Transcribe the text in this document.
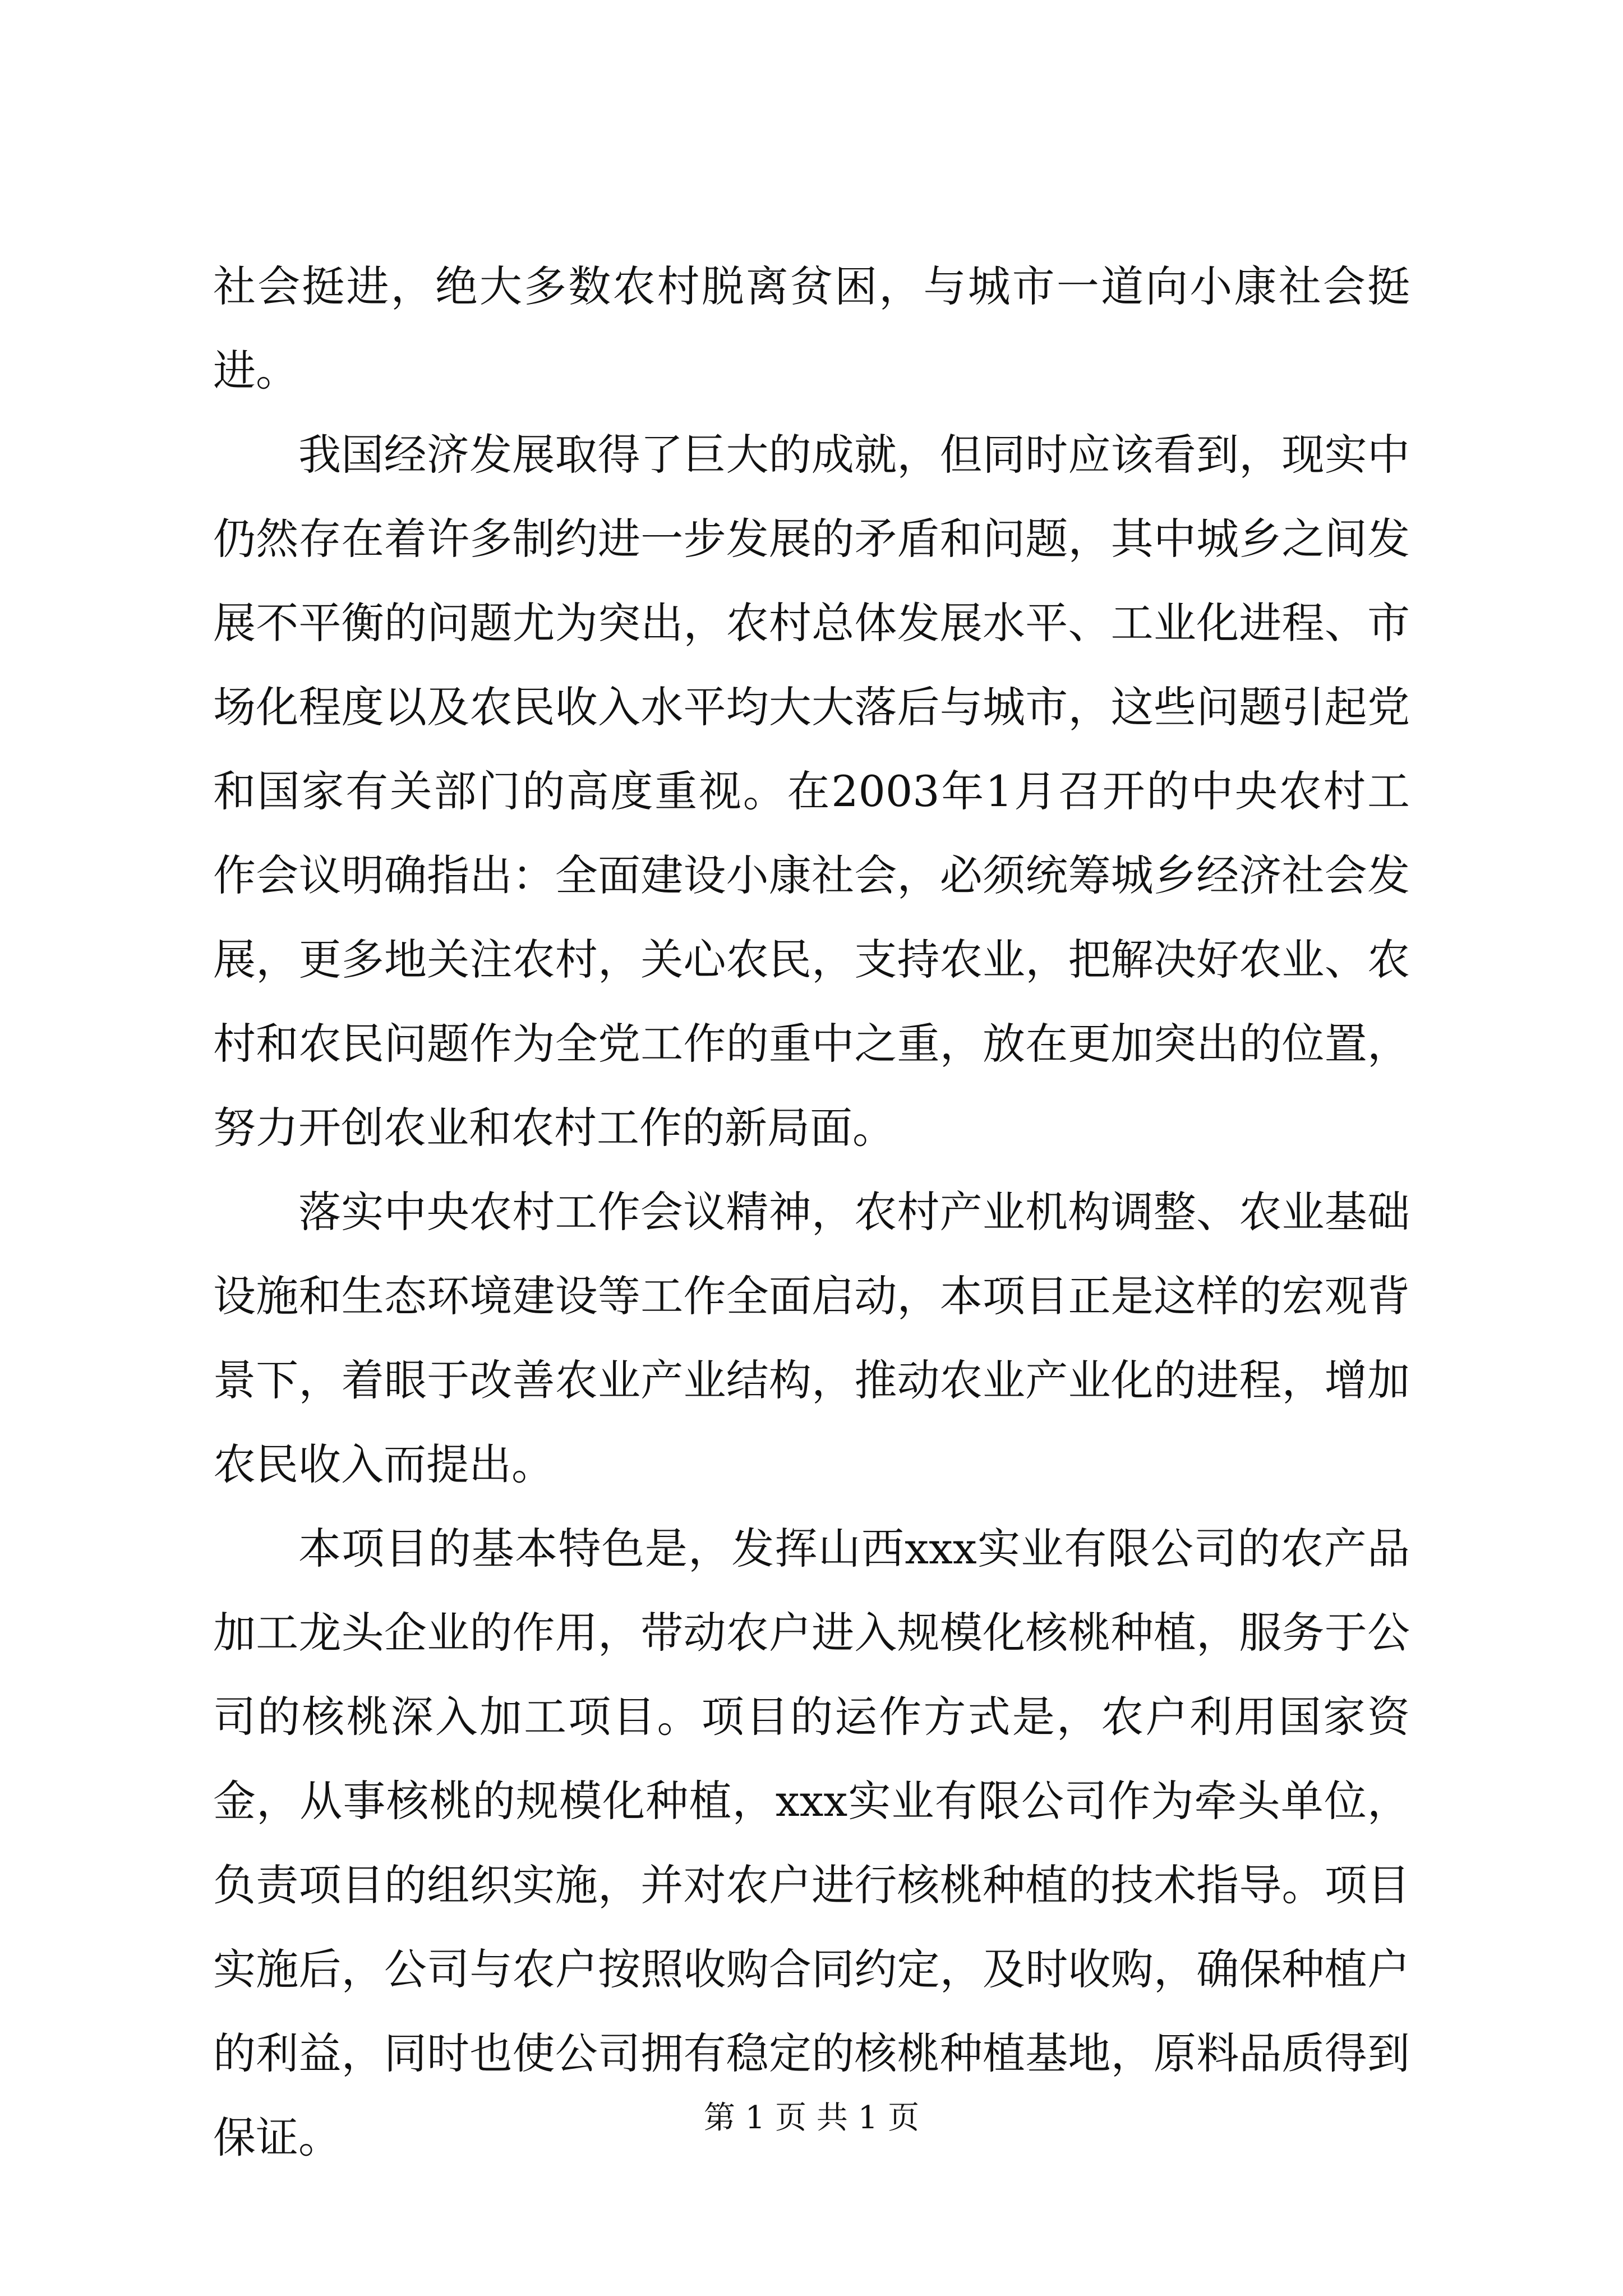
社会挺进，绝大多数农村脱离贫困，与城市一道向小康社会挺进。

我国经济发展取得了巨大的成就，但同时应该看到，现实中仍然存在着许多制约进一步发展的矛盾和问题，其中城乡之间发展不平衡的问题尤为突出，农村总体发展水平、工业化进程、市场化程度以及农民收入水平均大大落后与城市，这些问题引起党和国家有关部门的高度重视。在2003年1月召开的中央农村工作会议明确指出：全面建设小康社会，必须统筹城乡经济社会发展，更多地关注农村，关心农民，支持农业，把解决好农业、农村和农民问题作为全党工作的重中之重，放在更加突出的位置，努力开创农业和农村工作的新局面。

落实中央农村工作会议精神，农村产业机构调整、农业基础设施和生态环境建设等工作全面启动，本项目正是这样的宏观背景下，着眼于改善农业产业结构，推动农业产业化的进程，增加农民收入而提出。

本项目的基本特色是，发挥山西xxx实业有限公司的农产品加工龙头企业的作用，带动农户进入规模化核桃种植，服务于公司的核桃深入加工项目。项目的运作方式是，农户利用国家资金，从事核桃的规模化种植，xxx实业有限公司作为牵头单位，负责项目的组织实施，并对农户进行核桃种植的技术指导。项目实施后，公司与农户按照收购合同约定，及时收购，确保种植户的利益，同时也使公司拥有稳定的核桃种植基地，原料品质得到保证。	第 1 页 共 1 页
